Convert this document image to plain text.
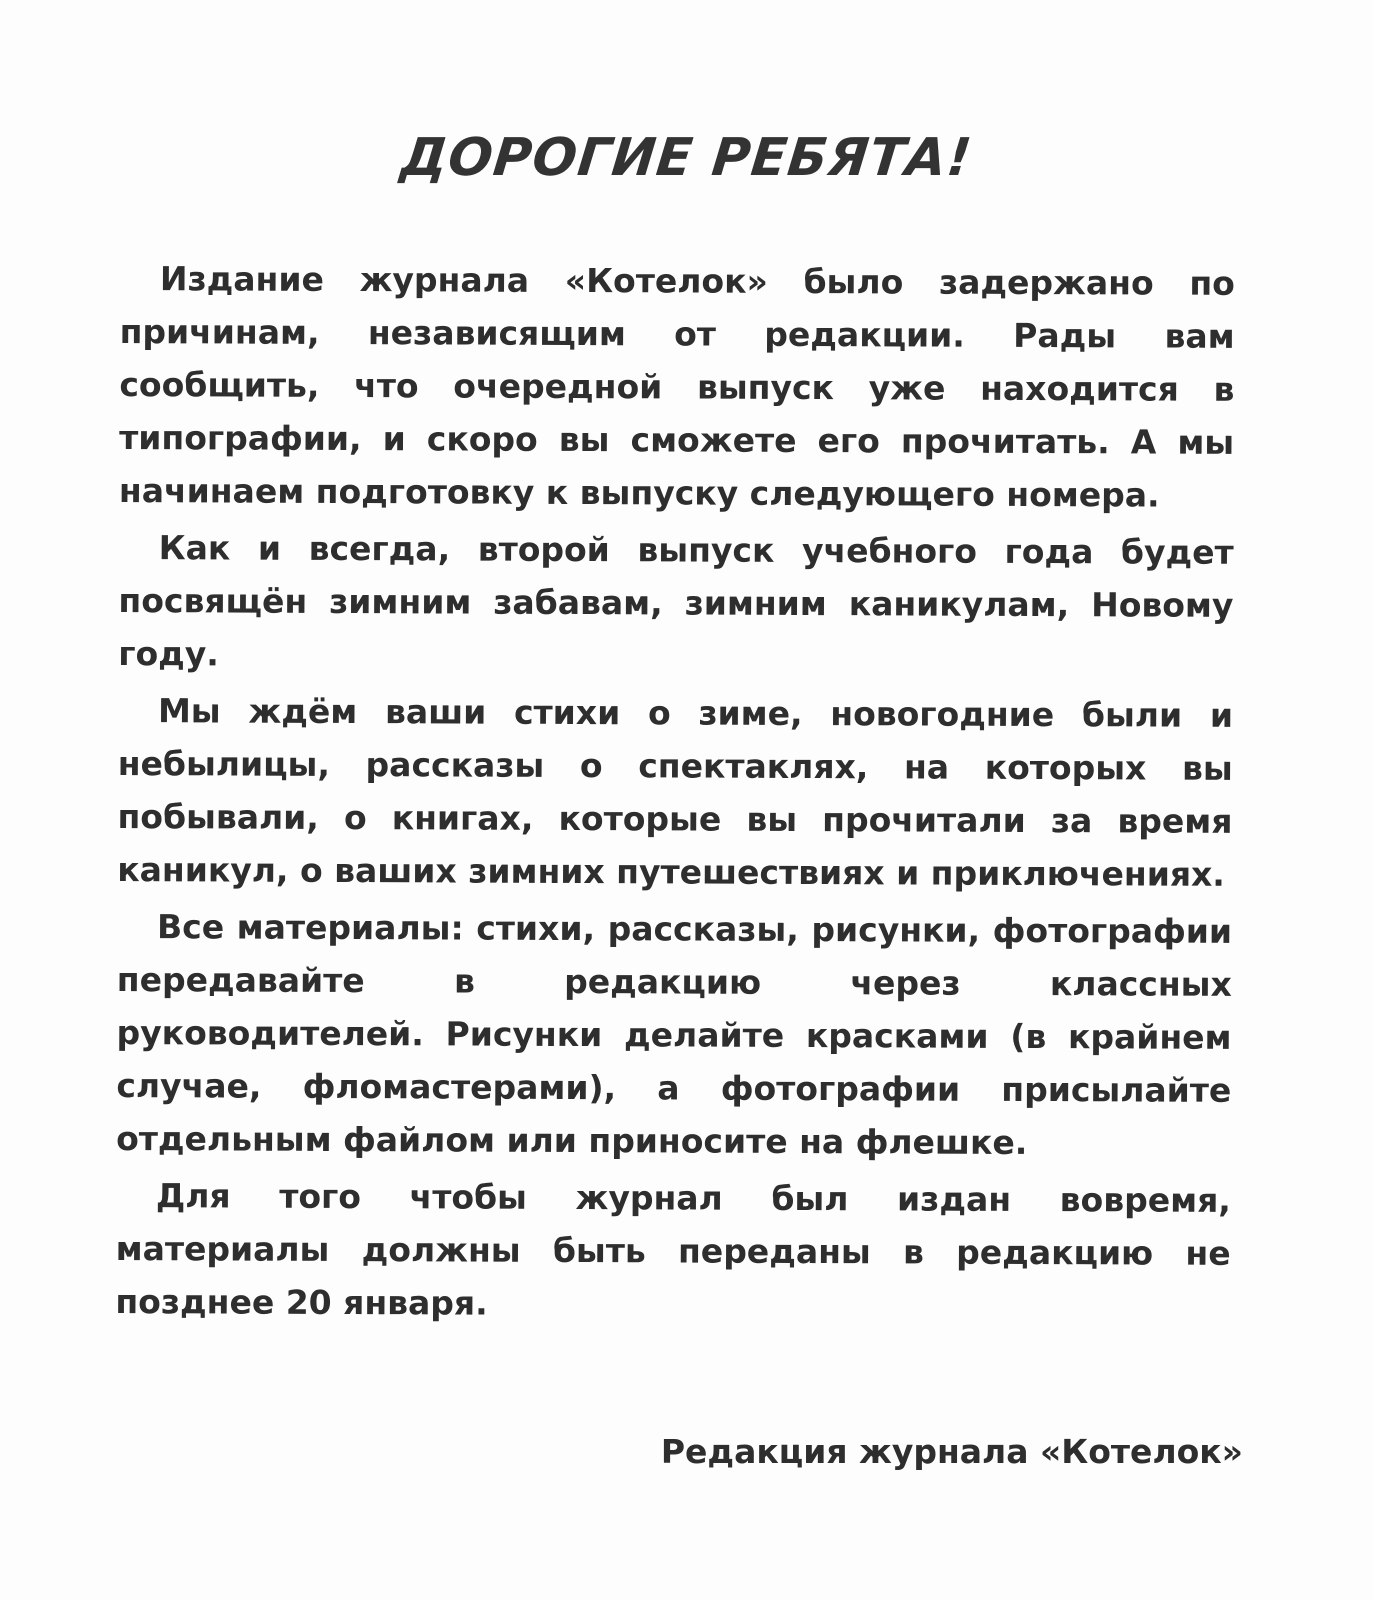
ДОРОГИЕ РЕБЯТА!

Издание журнала «Котелок» было задержано по причинам, независящим от редакции. Рады вам сообщить, что очередной выпуск уже находится в типографии, и скоро вы сможете его прочитать. А мы начинаем подготовку к выпуску следующего номера.

Как и всегда, второй выпуск учебного года будет посвящён зимним забавам, зимним каникулам, Новому году.

Мы ждём ваши стихи о зиме, новогодние были и небылицы, рассказы о спектаклях, на которых вы побывали, о книгах, которые вы прочитали за время каникул, о ваших зимних путешествиях и приключениях.

Все материалы: стихи, рассказы, рисунки, фотографии передавайте в редакцию через классных руководителей. Рисунки делайте красками (в крайнем случае, фломастерами), а фотографии присылайте отдельным файлом или приносите на флешке.

Для того чтобы журнал был издан вовремя, материалы должны быть переданы в редакцию не позднее 20 января.

Редакция журнала «Котелок»
